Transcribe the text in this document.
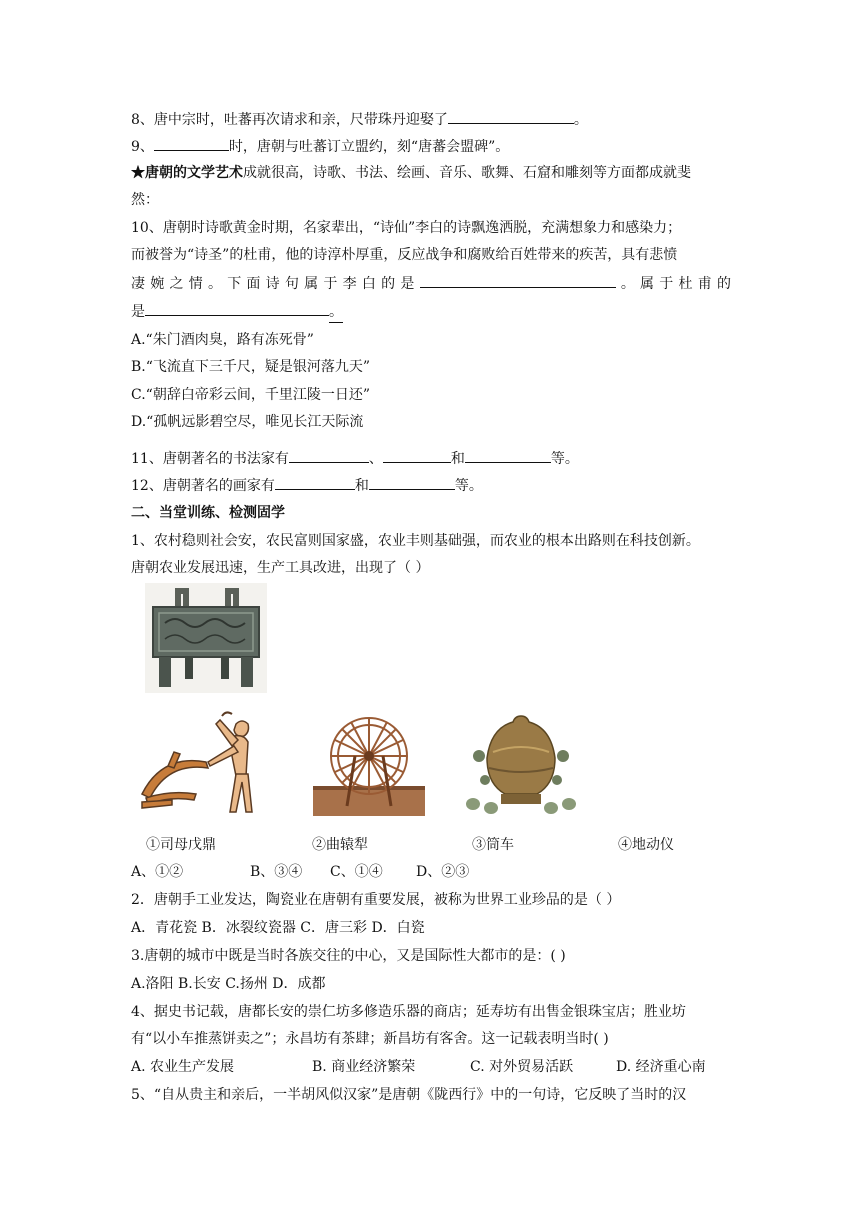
8、唐中宗时，吐蕃再次请求和亲，尺带珠丹迎娶了	。
9、	时，唐朝与吐蕃订立盟约，刻“唐蕃会盟碑”。
★唐朝的文学艺术成就很高，诗歌、书法、绘画、音乐、歌舞、石窟和雕刻等方面都成就斐
然：
10、唐朝时诗歌黄金时期，名家辈出，“诗仙”李白的诗飘逸洒脱，充满想象力和感染力；
而被誉为“诗圣”的杜甫，他的诗淳朴厚重，反应战争和腐败给百姓带来的疾苦，具有悲愤
凄婉之情。下面诗句属于李白的是	。属于杜甫的
是	。
A.“朱门酒肉臭，路有冻死骨”
B.“飞流直下三千尺，疑是银河落九天”
C.“朝辞白帝彩云间，千里江陵一日还”
D.“孤帆远影碧空尽，唯见长江天际流
11、唐朝著名的书法家有	、	和	等。
12、唐朝著名的画家有	和	等。
二、当堂训练、检测固学
1、农村稳则社会安，农民富则国家盛，农业丰则基础强，而农业的根本出路则在科技创新。
唐朝农业发展迅速，生产工具改进，出现了（ ）
①司母戊鼎	②曲辕犁	③筒车	④地动仪
A、①②	B、③④ C、①④ D、②③
2．唐朝手工业发达，陶瓷业在唐朝有重要发展，被称为世界工业珍品的是（ ）
A．青花瓷 B．冰裂纹瓷器 C．唐三彩 D．白瓷
3.唐朝的城市中既是当时各族交往的中心，又是国际性大都市的是：( )
A.洛阳 B.长安 C.扬州 D．成都
4、据史书记载，唐都长安的崇仁坊多修造乐器的商店；延寿坊有出售金银珠宝店；胜业坊
有“以小车推蒸饼卖之”；永昌坊有茶肆；新昌坊有客舍。这一记载表明当时( )
A. 农业生产发展	B. 商业经济繁荣	C. 对外贸易活跃	D. 经济重心南
5、“自从贵主和亲后，一半胡风似汉家”是唐朝《陇西行》中的一句诗，它反映了当时的汉
